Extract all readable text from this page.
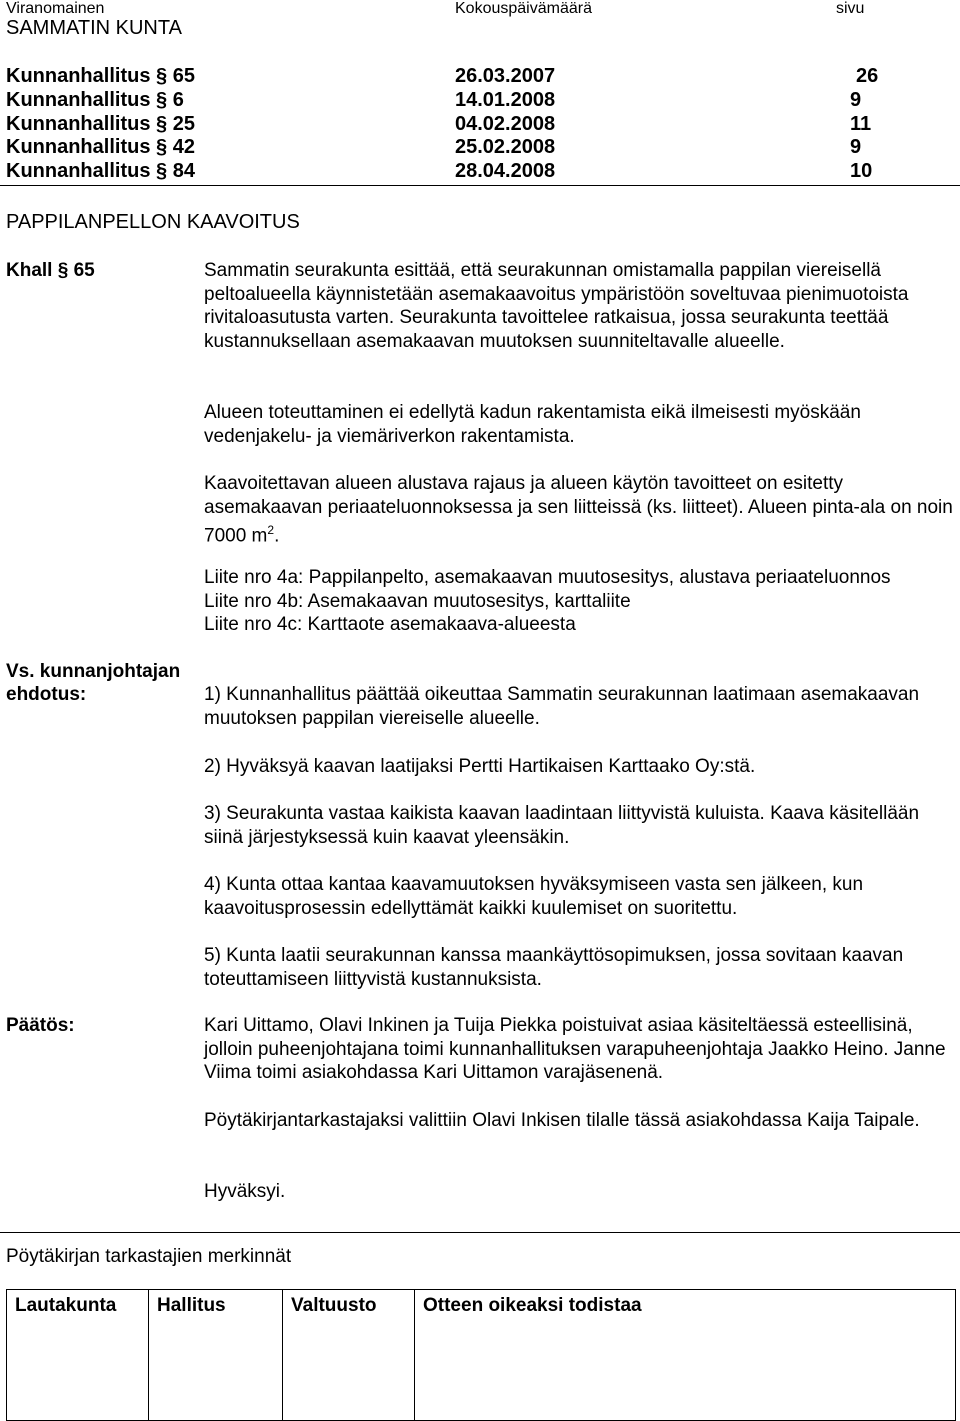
Viranomainen	Kokouspäivämäärä	sivu
SAMMATIN KUNTA
Kunnanhallitus § 65	26.03.2007	26
Kunnanhallitus § 6	14.01.2008	9
Kunnanhallitus § 25	04.02.2008	11
Kunnanhallitus § 42	25.02.2008	9
Kunnanhallitus § 84	28.04.2008	10
PAPPILANPELLON KAAVOITUS
Khall § 65	Sammatin seurakunta esittää, että seurakunnan omistamalla pappilan viereisellä peltoalueella käynnistetään asemakaavoitus ympäristöön soveltuvaa pienimuotoista rivitaloasutusta varten. Seurakunta tavoittelee ratkaisua, jossa seurakunta teettää kustannuksellaan asemakaavan muutoksen suunniteltavalle alueelle.

Alueen toteuttaminen ei edellytä kadun rakentamista eikä ilmeisesti myöskään vedenjakelu- ja viemäriverkon rakentamista.

Kaavoitettavan alueen alustava rajaus ja alueen käytön tavoitteet on esitetty asemakaavan periaateluonnoksessa ja sen liitteissä (ks. liitteet). Alueen pinta-ala on noin 7000 $m^2$.

Liite nro 4a: Pappilanpelto, asemakaavan muutosesitys, alustava periaateluonnos

Liite nro 4b: Asemakaavan muutosesitys, karttaliite

Liite nro 4c: Karttaote asemakaava-alueesta

Vs. kunnanjohtajan
ehdotus:	1) Kunnanhallitus päättää oikeuttaa Sammatin seurakunnan laatimaan asemakaavan muutoksen pappilan viereiselle alueelle.

2) Hyväksyä kaavan laatijaksi Pertti Hartikaisen Karttaako Oy:stä.

3) Seurakunta vastaa kaikista kaavan laadintaan liittyvistä kuluista. Kaava käsitellään siinä järjestyksessä kuin kaavat yleensäkin.

4) Kunta ottaa kantaa kaavamuutoksen hyväksymiseen vasta sen jälkeen, kun kaavoitusprosessin edellyttämät kaikki kuulemiset on suoritettu.

5) Kunta laatii seurakunnan kanssa maankäyttösopimuksen, jossa sovitaan kaavan toteuttamiseen liittyvistä kustannuksista.

Päätös:	Kari Uittamo, Olavi Inkinen ja Tuija Piekka poistuivat asiaa käsiteltäessä esteellisinä, jolloin puheenjohtajana toimi kunnanhallituksen varapuheenjohtaja Jaakko Heino. Janne Viima toimi asiakohdassa Kari Uittamon varajäsenenä.

Pöytäkirjantarkastajaksi valittiin Olavi Inkisen tilalle tässä asiakohdassa Kaija Taipale.

Hyväksyi.

Pöytäkirjan tarkastajien merkinnät
Lautakunta	Hallitus	Valtuusto	Otteen oikeaksi todistaa
